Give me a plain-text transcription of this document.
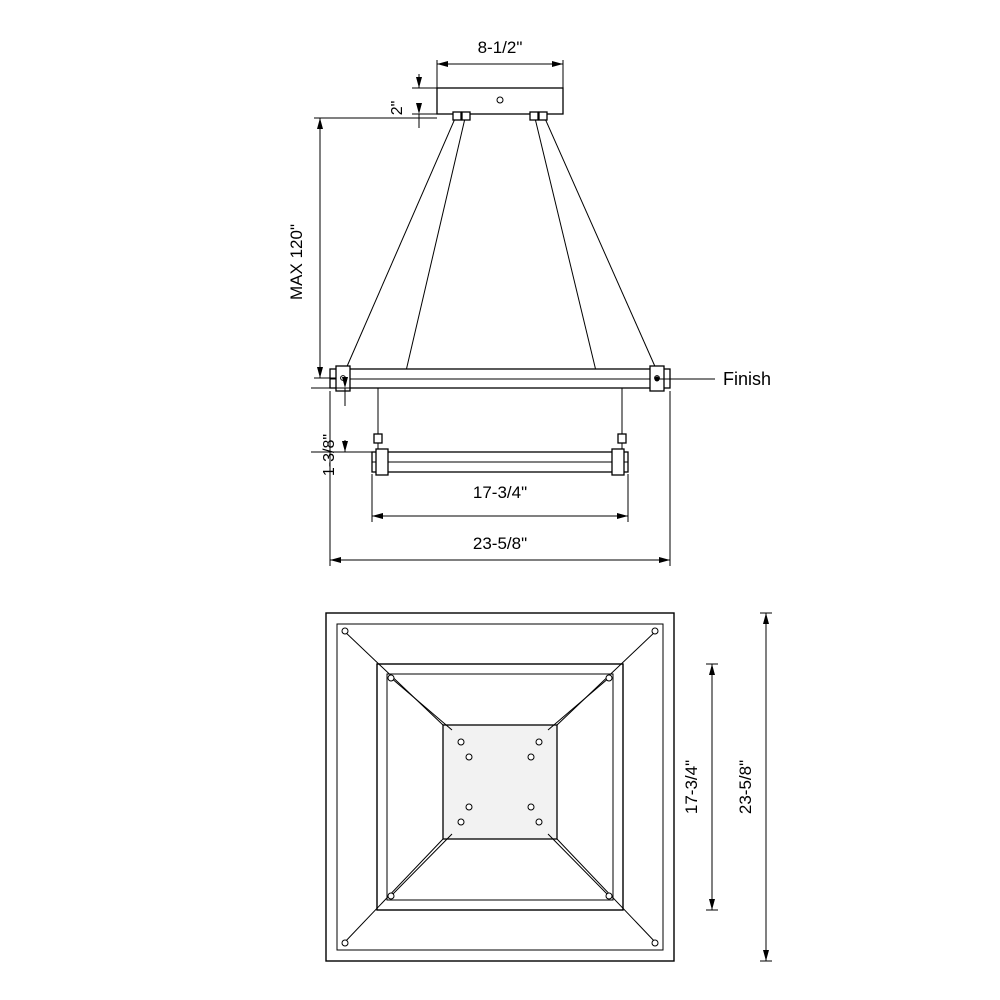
8-1/2"
2"
MAX 120"
1-3/8"
17-3/4"
23-5/8"
Finish
17-3/4" 23-5/8"
